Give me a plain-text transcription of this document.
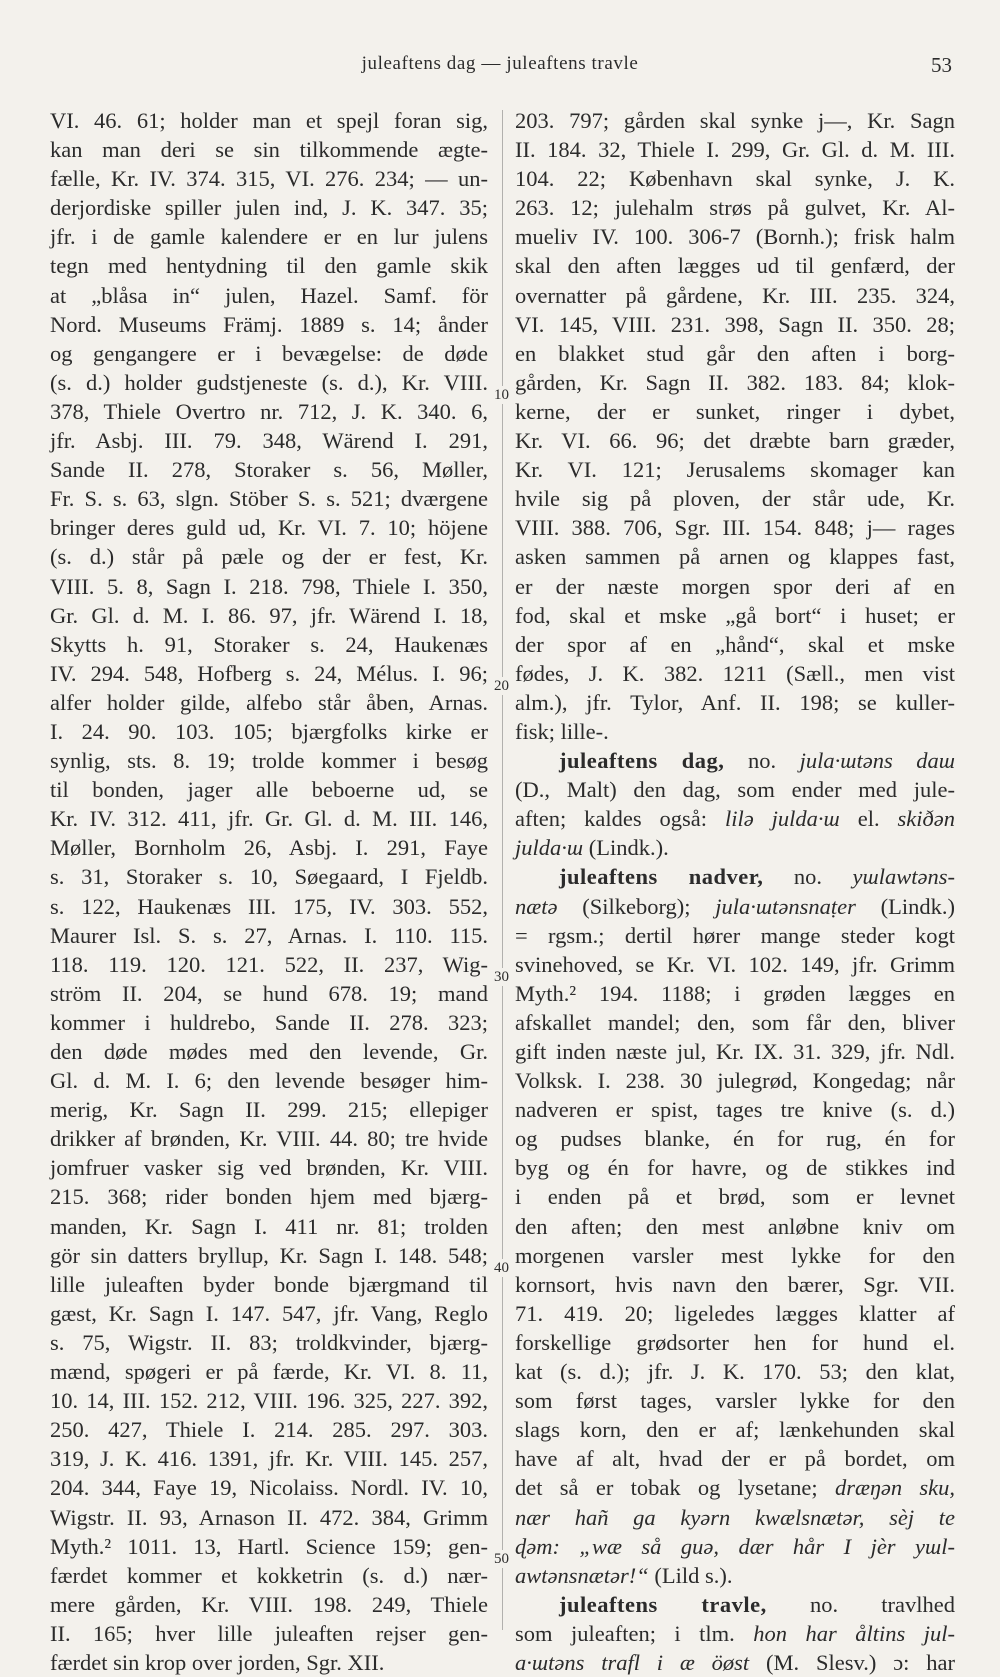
juleaftens dag — juleaftens travle	53
VI. 46. 61; holder man et spejl foran sig,
kan man deri se sin tilkommende ægte-
fælle, Kr. IV. 374. 315, VI. 276. 234; — un-
derjordiske spiller julen ind, J. K. 347. 35;
jfr. i de gamle kalendere er en lur julens
tegn med hentydning til den gamle skik
at „blåsa in“ julen, Hazel. Samf. för
Nord. Museums Främj. 1889 s. 14; ånder
og gengangere er i bevægelse: de døde
(s. d.) holder gudstjeneste (s. d.), Kr. VIII.
378, Thiele Overtro nr. 712, J. K. 340. 6,
jfr. Asbj. III. 79. 348, Wärend I. 291,
Sande II. 278, Storaker s. 56, Møller,
Fr. S. s. 63, slgn. Stöber S. s. 521; dværgene
bringer deres guld ud, Kr. VI. 7. 10; höjene
(s. d.) står på pæle og der er fest, Kr.
VIII. 5. 8, Sagn I. 218. 798, Thiele I. 350,
Gr. Gl. d. M. I. 86. 97, jfr. Wärend I. 18,
Skytts h. 91, Storaker s. 24, Haukenæs
IV. 294. 548, Hofberg s. 24, Mélus. I. 96;
alfer holder gilde, alfebo står åben, Arnas.
I. 24. 90. 103. 105; bjærgfolks kirke er
synlig, sts. 8. 19; trolde kommer i besøg
til bonden, jager alle beboerne ud, se
Kr. IV. 312. 411, jfr. Gr. Gl. d. M. III. 146,
Møller, Bornholm 26, Asbj. I. 291, Faye
s. 31, Storaker s. 10, Søegaard, I Fjeldb.
s. 122, Haukenæs III. 175, IV. 303. 552,
Maurer Isl. S. s. 27, Arnas. I. 110. 115.
118. 119. 120. 121. 522, II. 237, Wig-
ström II. 204, se hund 678. 19; mand
kommer i huldrebo, Sande II. 278. 323;
den døde mødes med den levende, Gr.
Gl. d. M. I. 6; den levende besøger him-
merig, Kr. Sagn II. 299. 215; ellepiger
drikker af brønden, Kr. VIII. 44. 80; tre hvide
jomfruer vasker sig ved brønden, Kr. VIII.
215. 368; rider bonden hjem med bjærg-
manden, Kr. Sagn I. 411 nr. 81; trolden
gör sin datters bryllup, Kr. Sagn I. 148. 548;
lille juleaften byder bonde bjærgmand til
gæst, Kr. Sagn I. 147. 547, jfr. Vang, Reglo
s. 75, Wigstr. II. 83; troldkvinder, bjærg-
mænd, spøgeri er på færde, Kr. VI. 8. 11,
10. 14, III. 152. 212, VIII. 196. 325, 227. 392,
250. 427, Thiele I. 214. 285. 297. 303.
319, J. K. 416. 1391, jfr. Kr. VIII. 145. 257,
204. 344, Faye 19, Nicolaiss. Nordl. IV. 10,
Wigstr. II. 93, Arnason II. 472. 384, Grimm
Myth.² 1011. 13, Hartl. Science 159; gen-
færdet kommer et kokketrin (s. d.) nær-
mere gården, Kr. VIII. 198. 249, Thiele
II. 165; hver lille juleaften rejser gen-
færdet sin krop over jorden, Sgr. XII.
10
20
30
40
50
203. 797; gården skal synke j—, Kr. Sagn
II. 184. 32, Thiele I. 299, Gr. Gl. d. M. III.
104. 22; København skal synke, J. K.
263. 12; julehalm strøs på gulvet, Kr. Al-
mueliv IV. 100. 306-7 (Bornh.); frisk halm
skal den aften lægges ud til genfærd, der
overnatter på gårdene, Kr. III. 235. 324,
VI. 145, VIII. 231. 398, Sagn II. 350. 28;
en blakket stud går den aften i borg-
gården, Kr. Sagn II. 382. 183. 84; klok-
kerne, der er sunket, ringer i dybet,
Kr. VI. 66. 96; det dræbte barn græder,
Kr. VI. 121; Jerusalems skomager kan
hvile sig på ploven, der står ude, Kr.
VIII. 388. 706, Sgr. III. 154. 848; j— rages
asken sammen på arnen og klappes fast,
er der næste morgen spor deri af en
fod, skal et mske „gå bort“ i huset; er
der spor af en „hånd“, skal et mske
fødes, J. K. 382. 1211 (Sæll., men vist
alm.), jfr. Tylor, Anf. II. 198; se kuller-
fisk; lille-.
juleaftens dag, no. jula·ɯtəns daɯ
(D., Malt) den dag, som ender med jule-
aften; kaldes også: lilə julda·ɯ el. skiðən
julda·ɯ (Lindk.).
juleaftens nadver, no. yɯlawtəns-
nætə (Silkeborg); jula·ɯtənsnaṭer (Lindk.)
= rgsm.; dertil hører mange steder kogt
svinehoved, se Kr. VI. 102. 149, jfr. Grimm
Myth.² 194. 1188; i grøden lægges en
afskallet mandel; den, som får den, bliver
gift inden næste jul, Kr. IX. 31. 329, jfr. Ndl.
Volksk. I. 238. 30 julegrød, Kongedag; når
nadveren er spist, tages tre knive (s. d.)
og pudses blanke, én for rug, én for
byg og én for havre, og de stikkes ind
i enden på et brød, som er levnet
den aften; den mest anløbne kniv om
morgenen varsler mest lykke for den
kornsort, hvis navn den bærer, Sgr. VII.
71. 419. 20; ligeledes lægges klatter af
forskellige grødsorter hen for hund el.
kat (s. d.); jfr. J. K. 170. 53; den klat,
som først tages, varsler lykke for den
slags korn, den er af; lænkehunden skal
have af alt, hvad der er på bordet, om
det så er tobak og lysetane; dræŋən sku,
nær hañ ga kyərn kwælsnætər, sèj te
ɖəm: „wæ så guə, dær hår I jèr yɯl-
awtənsnætər!“ (Lild s.).
juleaftens travle, no. travlhed
som juleaften; i tlm. hon har åltins jul-
a·ɯtəns trafl i æ öøst (M. Slesv.) ɔ: har
